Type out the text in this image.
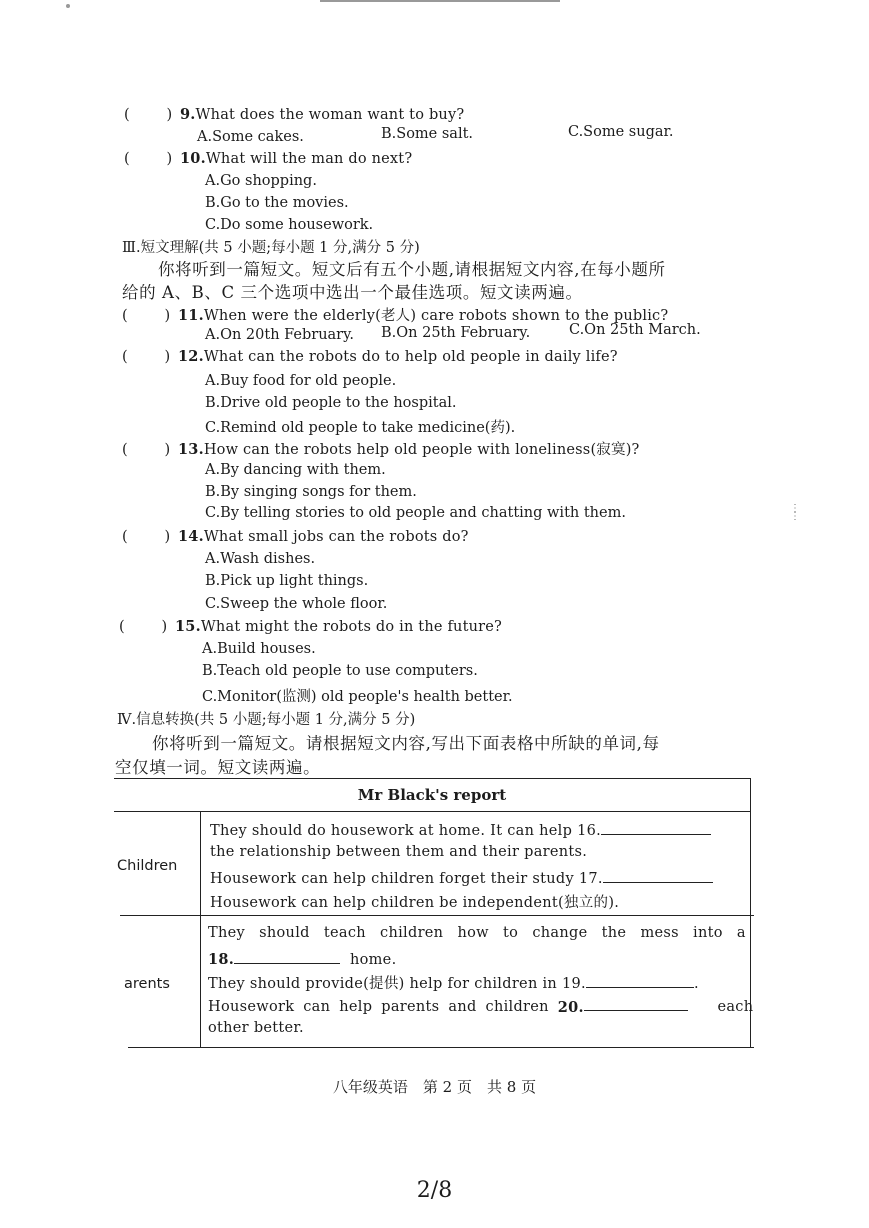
⋮
⋮
(	) 9.What does the woman want to buy?
A.Some cakes.	B.Some salt.	C.Some sugar.
(	) 10.What will the man do next?
A.Go shopping.
B.Go to the movies.
C.Do some housework.
Ⅲ.短文理解(共 5 小题;每小题 1 分,满分 5 分)
你将听到一篇短文。短文后有五个小题,请根据短文内容,在每小题所
给的 A、B、C 三个选项中选出一个最佳选项。短文读两遍。
(        ) 11.When were the elderly(老人) care robots shown to the public?
A.On 20th February. B.On 25th February.	C.On 25th March.
(        ) 12.What can the robots do to help old people in daily life?
A.Buy food for old people.
B.Drive old people to the hospital.
C.Remind old people to take medicine(药).
(        ) 13.How can the robots help old people with loneliness(寂寞)?
A.By dancing with them.
B.By singing songs for them.
C.By telling stories to old people and chatting with them.
(        ) 14.What small jobs can the robots do?
A.Wash dishes.
B.Pick up light things.
C.Sweep the whole floor.
(        ) 15.What might the robots do in the future?
A.Build houses.
B.Teach old people to use computers.
C.Monitor(监测) old people's health better.
Ⅳ.信息转换(共 5 小题;每小题 1 分,满分 5 分)
你将听到一篇短文。请根据短文内容,写出下面表格中所缺的单词,每
空仅填一词。短文读两遍。
Mr Black's report
Children
They should do housework at home. It can help 16.
the relationship between them and their parents.
Housework can help children forget their study 17.
Housework can help children be independent(独立的).
arents
They should teach children how to change the mess into a
18.	home.
They should provide(提供) help for children in 19.	.
Housework can help parents and children 20.	each
other better.
八年级英语　第 2 页　共 8 页
2/8
